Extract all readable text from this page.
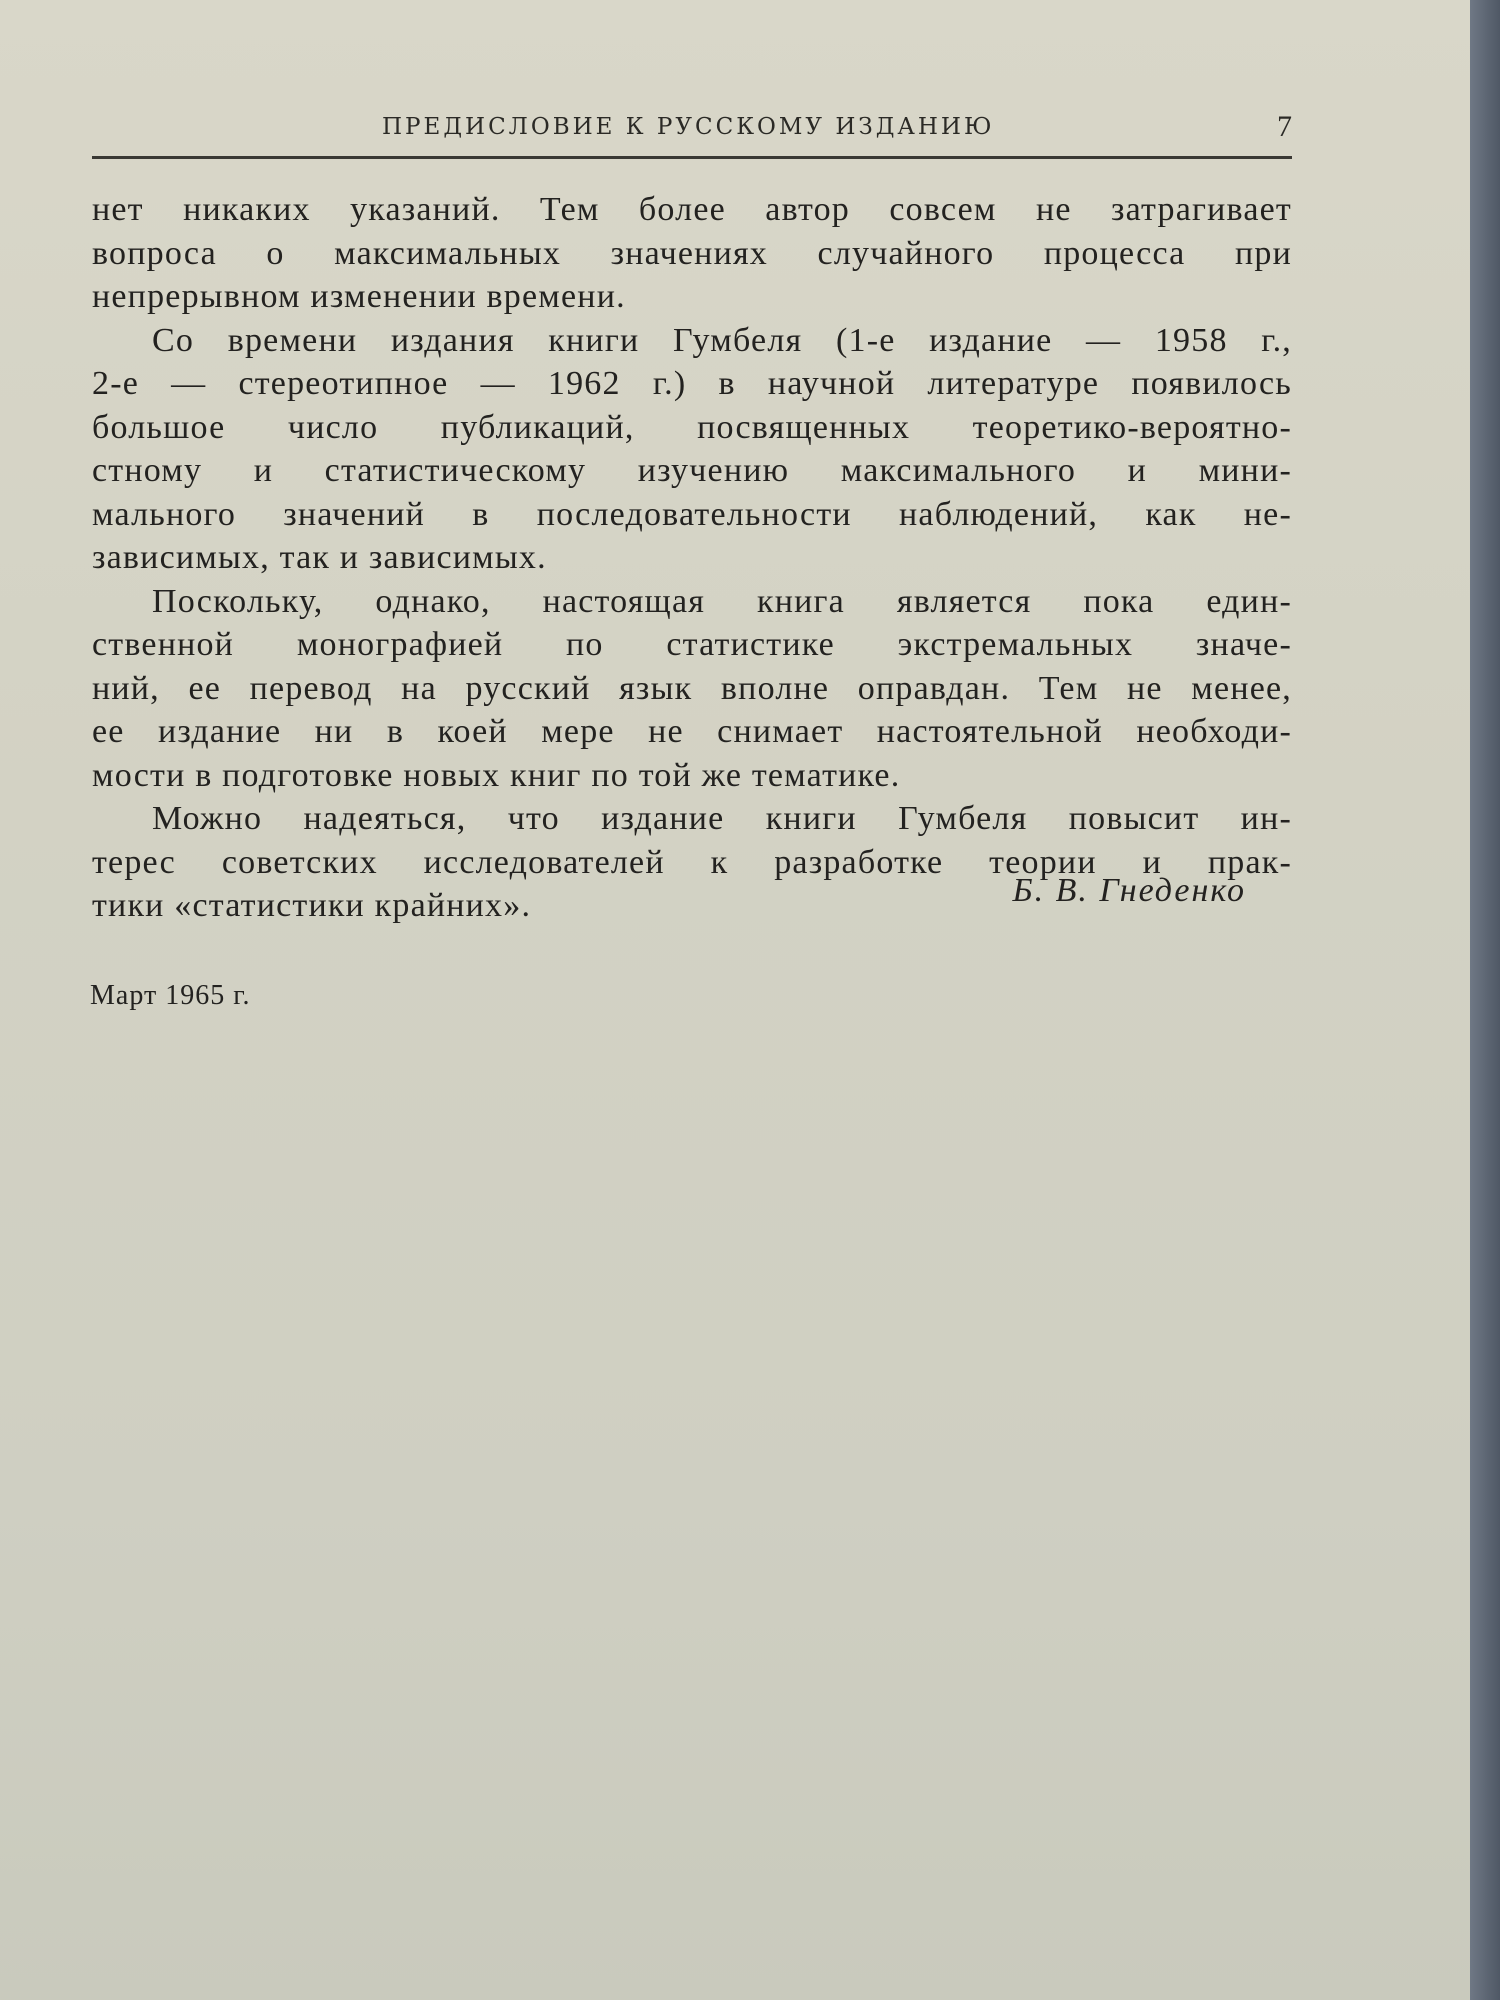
ПРЕДИСЛОВИЕ К РУССКОМУ ИЗДАНИЮ	7

нет никаких указаний. Тем более автор совсем не затрагивает
вопроса о максимальных значениях случайного процесса при
непрерывном изменении времени.

Со времени издания книги Гумбеля (1-е издание — 1958 г.,
2-е — стереотипное — 1962 г.) в научной литературе появилось
большое число публикаций, посвященных теоретико-вероятно-
стному и статистическому изучению максимального и мини-
мального значений в последовательности наблюдений, как не-
зависимых, так и зависимых.

Поскольку, однако, настоящая книга является пока един-
ственной монографией по статистике экстремальных значе-
ний, ее перевод на русский язык вполне оправдан. Тем не менее,
ее издание ни в коей мере не снимает настоятельной необходи-
мости в подготовке новых книг по той же тематике.

Можно надеяться, что издание книги Гумбеля повысит ин-
терес советских исследователей к разработке теории и прак-
тики «статистики крайних».	Б. В. Гнеденко
Март 1965 г.
